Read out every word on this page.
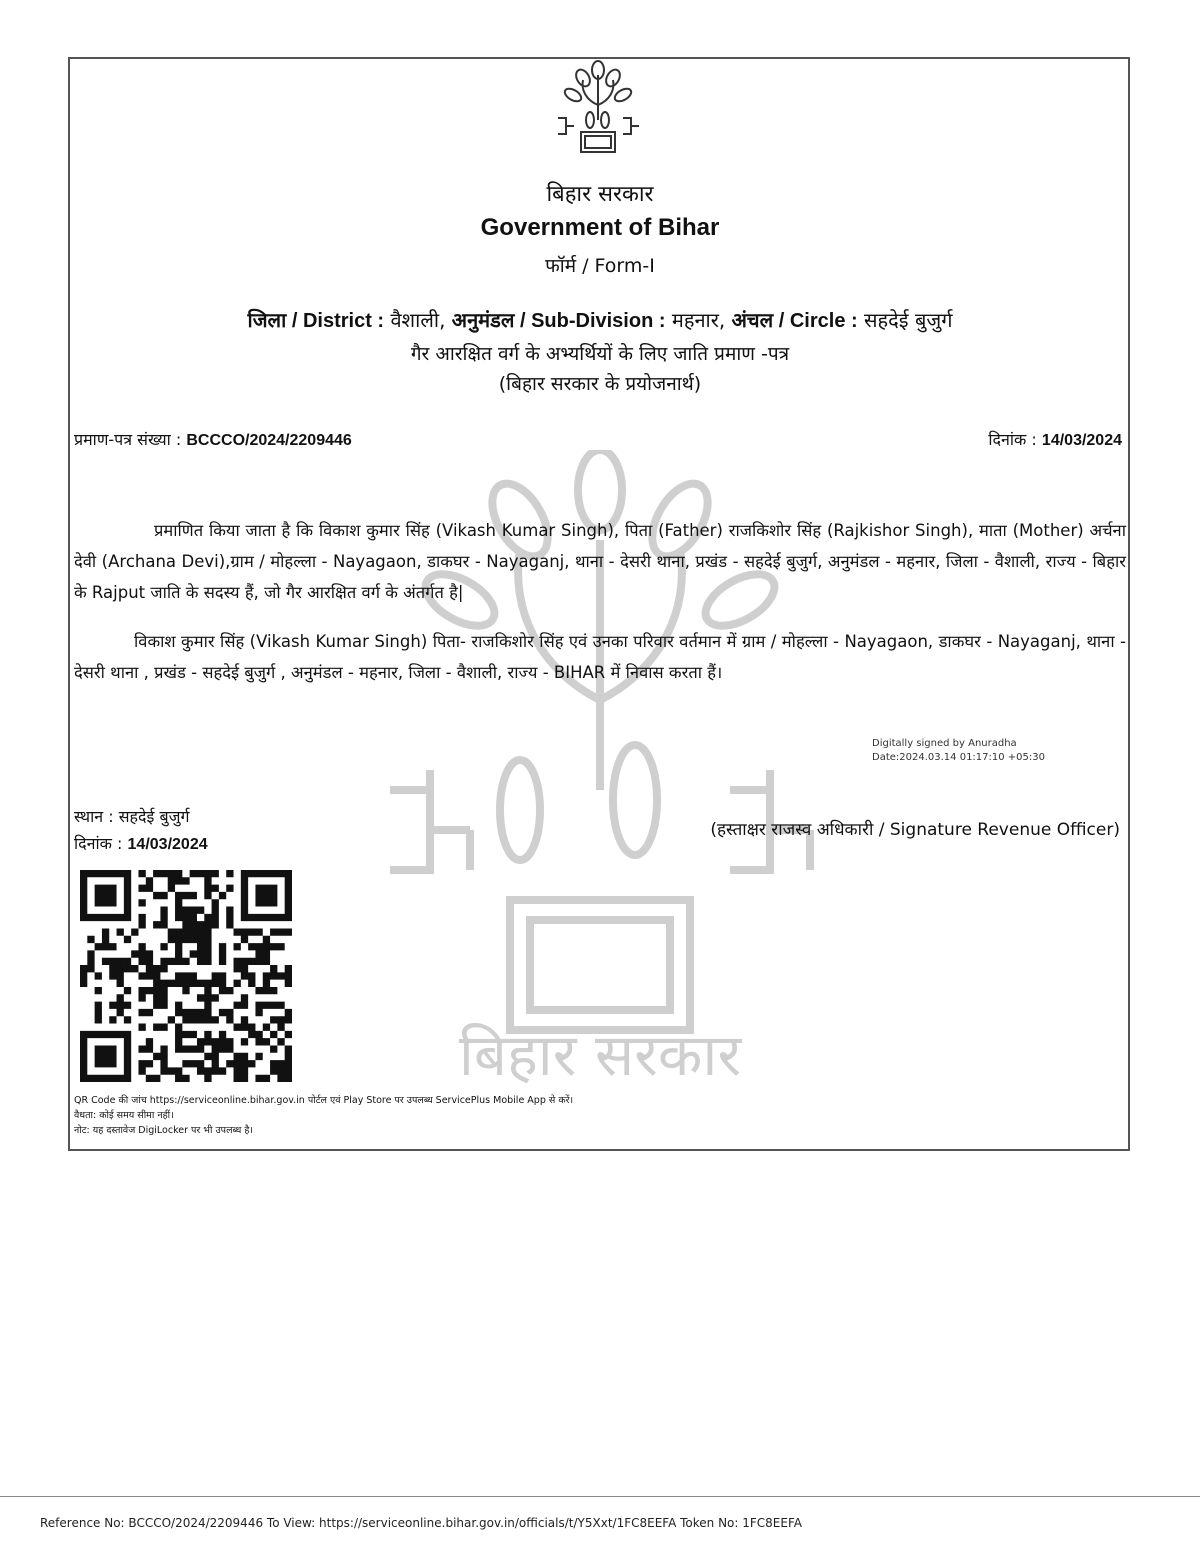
बिहार सरकार
बिहार सरकार
Government of Bihar
फॉर्म / Form-I
जिला / District : वैशाली, अनुमंडल / Sub-Division : महनार, अंचल / Circle : सहदेई बुजुर्ग
गैर आरक्षित वर्ग के अभ्यर्थियों के लिए जाति प्रमाण -पत्र
(बिहार सरकार के प्रयोजनार्थ)
प्रमाण-पत्र संख्या : BCCCO/2024/2209446	दिनांक : 14/03/2024
प्रमाणित किया जाता है कि विकाश कुमार सिंह (Vikash Kumar Singh), पिता (Father) राजकिशोर सिंह (Rajkishor Singh), माता (Mother) अर्चना देवी (Archana Devi),ग्राम / मोहल्ला - Nayagaon, डाकघर - Nayaganj, थाना - देसरी थाना, प्रखंड - सहदेई बुजुर्ग, अनुमंडल - महनार, जिला - वैशाली, राज्य - बिहार के Rajput जाति के सदस्य हैं, जो गैर आरक्षित वर्ग के अंतर्गत है|
विकाश कुमार सिंह (Vikash Kumar Singh) पिता- राजकिशोर सिंह एवं उनका परिवार वर्तमान में ग्राम / मोहल्ला - Nayagaon, डाकघर - Nayaganj, थाना - देसरी थाना , प्रखंड - सहदेई बुजुर्ग , अनुमंडल - महनार, जिला - वैशाली, राज्य - BIHAR में निवास करता हैं।
Digitally signed by Anuradha
Date:2024.03.14 01:17:10 +05:30
स्थान : सहदेई बुजुर्ग
दिनांक : 14/03/2024
(हस्ताक्षर राजस्व अधिकारी / Signature Revenue Officer)
QR Code की जांच https://serviceonline.bihar.gov.in पोर्टल एवं Play Store पर उपलब्ध ServicePlus Mobile App से करें।
वैधता: कोई समय सीमा नहीं।
नोट: यह दस्तावेज DigiLocker पर भी उपलब्ध है।
Reference No: BCCCO/2024/2209446 To View: https://serviceonline.bihar.gov.in/officials/t/Y5Xxt/1FC8EEFA Token No: 1FC8EEFA
